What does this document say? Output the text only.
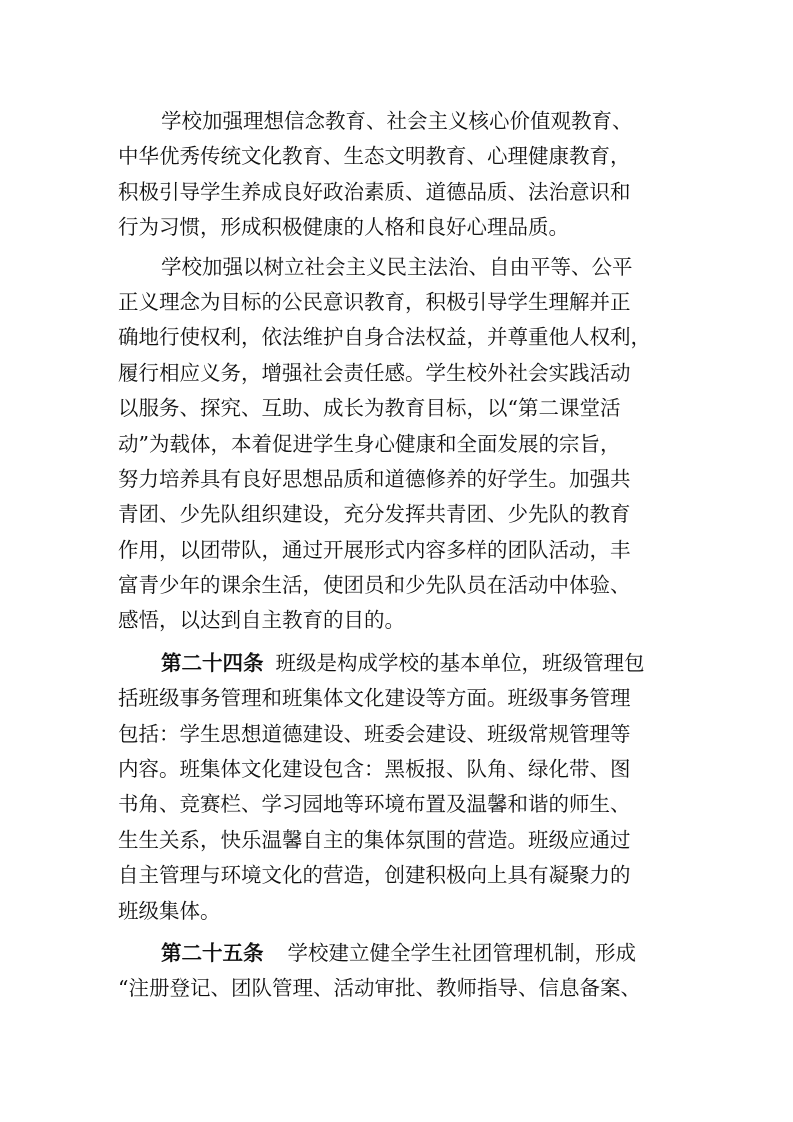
学校加强理想信念教育、社会主义核心价值观教育、
中华优秀传统文化教育、生态文明教育、心理健康教育，
积极引导学生养成良好政治素质、道德品质、法治意识和
行为习惯，形成积极健康的人格和良好心理品质。
学校加强以树立社会主义民主法治、自由平等、公平
正义理念为目标的公民意识教育，积极引导学生理解并正
确地行使权利，依法维护自身合法权益，并尊重他人权利，
履行相应义务，增强社会责任感。学生校外社会实践活动
以服务、探究、互助、成长为教育目标，以“第二课堂活
动”为载体，本着促进学生身心健康和全面发展的宗旨，
努力培养具有良好思想品质和道德修养的好学生。加强共
青团、少先队组织建设，充分发挥共青团、少先队的教育
作用，以团带队，通过开展形式内容多样的团队活动，丰
富青少年的课余生活，使团员和少先队员在活动中体验、
感悟，以达到自主教育的目的。
第二十四条 班级是构成学校的基本单位，班级管理包
括班级事务管理和班集体文化建设等方面。班级事务管理
包括：学生思想道德建设、班委会建设、班级常规管理等
内容。班集体文化建设包含：黑板报、队角、绿化带、图
书角、竞赛栏、学习园地等环境布置及温馨和谐的师生、
生生关系，快乐温馨自主的集体氛围的营造。班级应通过
自主管理与环境文化的营造，创建积极向上具有凝聚力的
班级集体。
第二十五条 学校建立健全学生社团管理机制，形成
“注册登记、团队管理、活动审批、教师指导、信息备案、
